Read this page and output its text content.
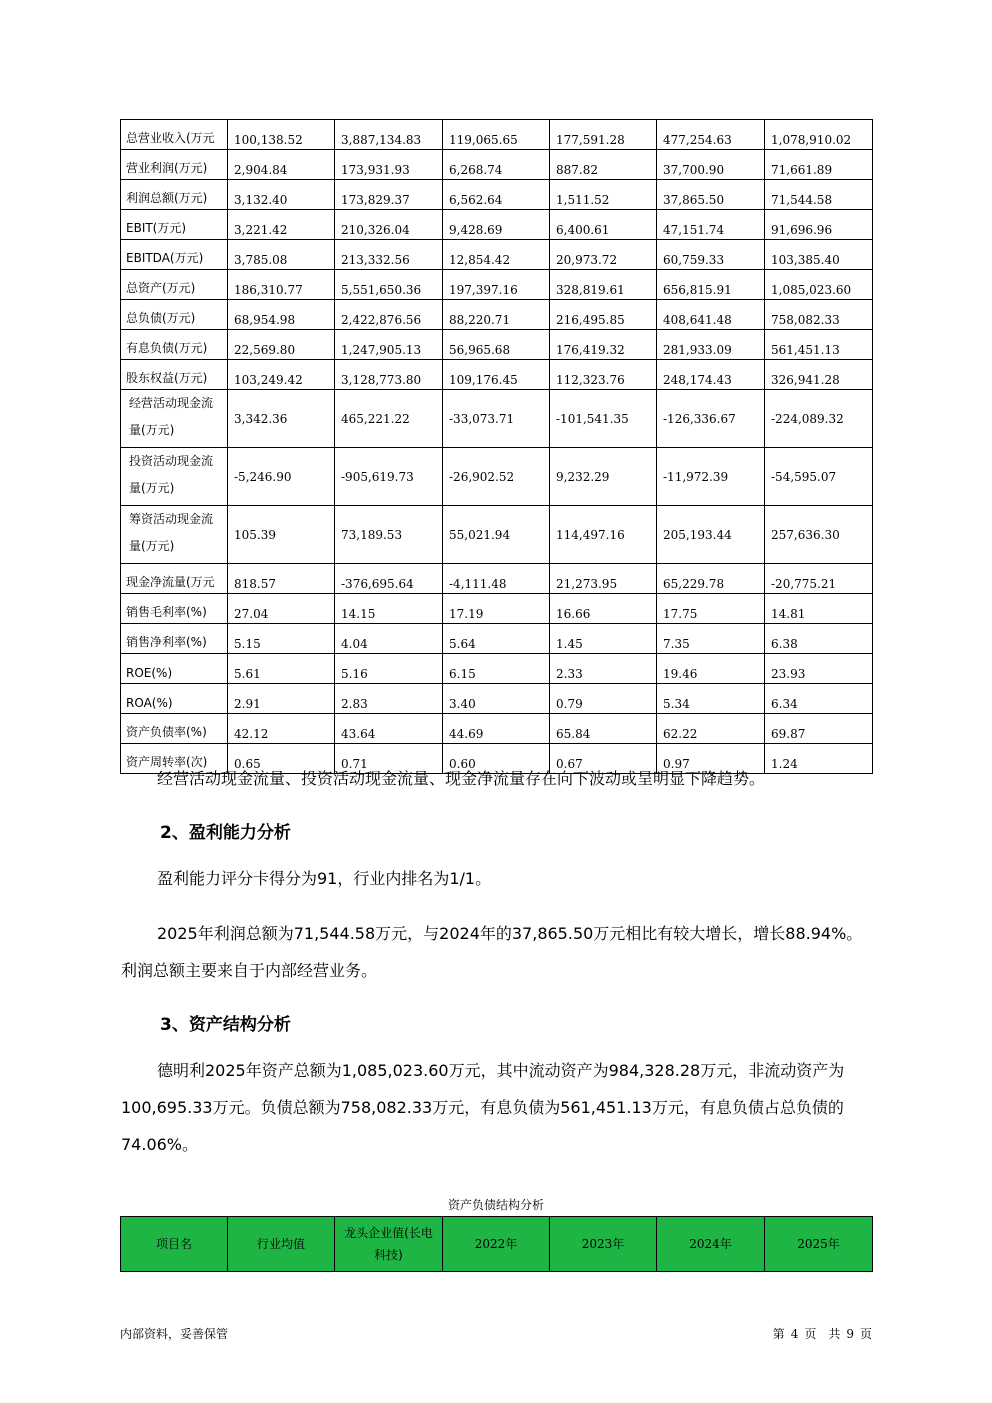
总营业收入(万元	100,138.52	3,887,134.83	119,065.65	177,591.28	477,254.63	1,078,910.02
营业利润(万元)	2,904.84	173,931.93	6,268.74	887.82	37,700.90	71,661.89
利润总额(万元)	3,132.40	173,829.37	6,562.64	1,511.52	37,865.50	71,544.58
EBIT(万元)	3,221.42	210,326.04	9,428.69	6,400.61	47,151.74	91,696.96
EBITDA(万元)	3,785.08	213,332.56	12,854.42	20,973.72	60,759.33	103,385.40
总资产(万元)	186,310.77	5,551,650.36	197,397.16	328,819.61	656,815.91	1,085,023.60
总负债(万元)	68,954.98	2,422,876.56	88,220.71	216,495.85	408,641.48	758,082.33
有息负债(万元)	22,569.80	1,247,905.13	56,965.68	176,419.32	281,933.09	561,451.13
股东权益(万元)	103,249.42	3,128,773.80	109,176.45	112,323.76	248,174.43	326,941.28
经营活动现金流量(万元)	3,342.36	465,221.22	-33,073.71	-101,541.35	-126,336.67	-224,089.32
投资活动现金流量(万元)	-5,246.90	-905,619.73	-26,902.52	9,232.29	-11,972.39	-54,595.07
筹资活动现金流量(万元)	105.39	73,189.53	55,021.94	114,497.16	205,193.44	257,636.30
现金净流量(万元	818.57	-376,695.64	-4,111.48	21,273.95	65,229.78	-20,775.21
销售毛利率(%)	27.04	14.15	17.19	16.66	17.75	14.81
销售净利率(%)	5.15	4.04	5.64	1.45	7.35	6.38
ROE(%)	5.61	5.16	6.15	2.33	19.46	23.93
ROA(%)	2.91	2.83	3.40	0.79	5.34	6.34
资产负债率(%)	42.12	43.64	44.69	65.84	62.22	69.87
资产周转率(次)	0.65	0.71	0.60	0.67	0.97	1.24
经营活动现金流量、投资活动现金流量、现金净流量存在向下波动或呈明显下降趋势。
2、盈利能力分析
盈利能力评分卡得分为91，行业内排名为1/1。
2025年利润总额为71,544.58万元，与2024年的37,865.50万元相比有较大增长，增长88.94%。利润总额主要来自于内部经营业务。
3、资产结构分析
德明利2025年资产总额为1,085,023.60万元，其中流动资产为984,328.28万元，非流动资产为100,695.33万元。负债总额为758,082.33万元，有息负债为561,451.13万元，有息负债占总负债的74.06%。
资产负债结构分析
项目名	行业均值	龙头企业值(长电科技)	2022年	2023年	2024年	2025年
内部资料，妥善保管	第 4 页　共 9 页
